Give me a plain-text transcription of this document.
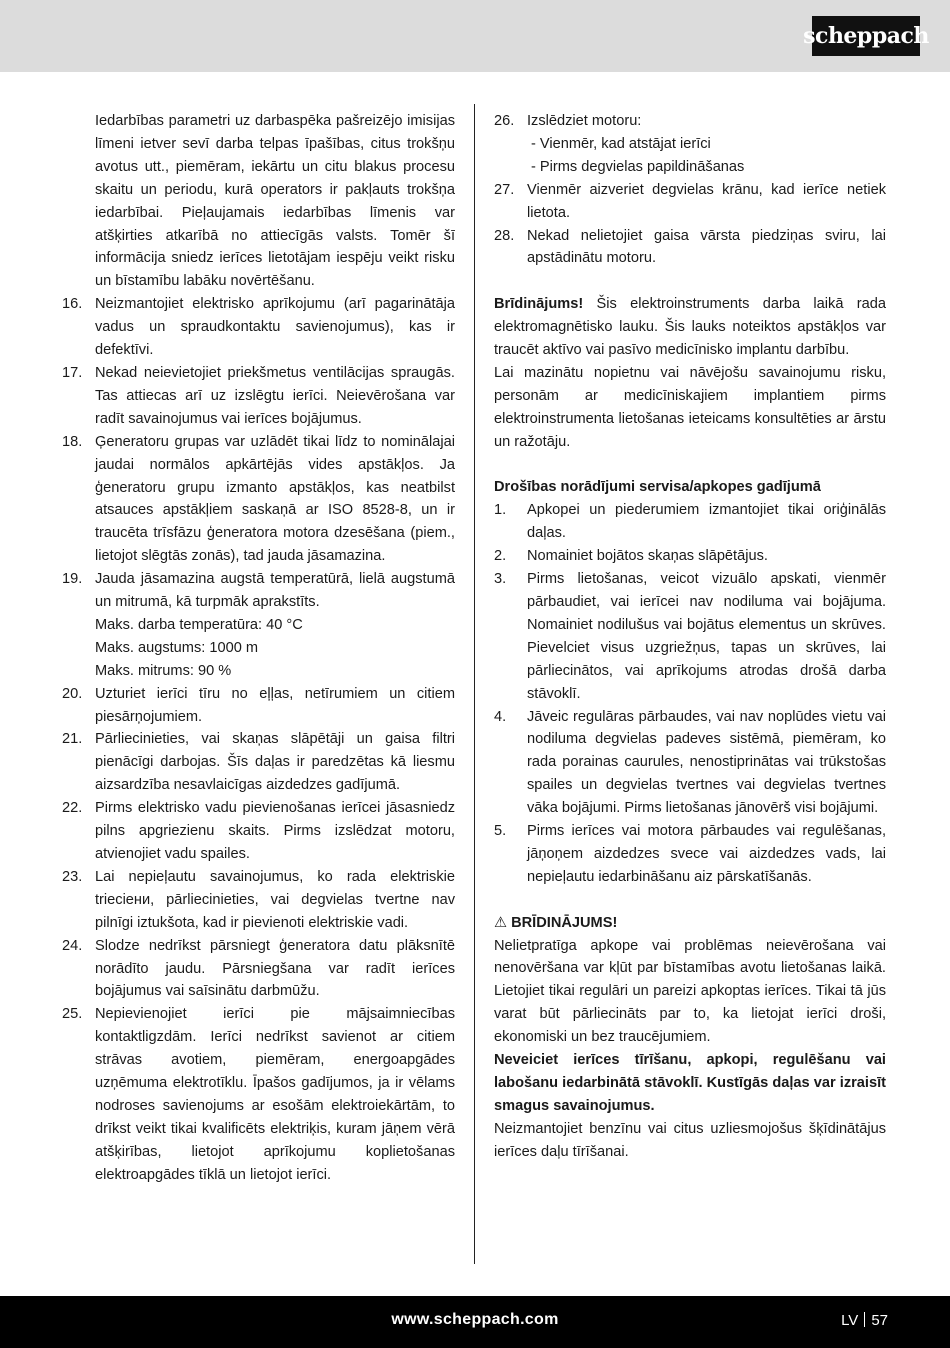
scheppach

Iedarbības parametri uz darbaspēka pašreizējo imisijas līmeni ietver sevī darba telpas īpašības, citus trokšņu avotus utt., piemēram, iekārtu un citu blakus procesu skaitu un periodu, kurā operators ir pakļauts trokšņa iedarbībai. Pieļaujamais iedarbības līmenis var atšķirties atkarībā no attiecīgās valsts. Tomēr šī informācija sniedz ierīces lietotājam iespēju veikt risku un bīstamību labāku novērtēšanu.

16. Neizmantojiet elektrisko aprīkojumu (arī pagarinātāja vadus un spraudkontaktu savienojumus), kas ir defektīvi.
17. Nekad neievietojiet priekšmetus ventilācijas spraugās. Tas attiecas arī uz izslēgtu ierīci. Neievērošana var radīt savainojumus vai ierīces bojājumus.
18. Ģeneratoru grupas var uzlādēt tikai līdz to nominālajai jaudai normālos apkārtējās vides apstākļos. Ja ģeneratoru grupu izmanto apstākļos, kas neatbilst atsauces apstākļiem saskaņā ar ISO 8528-8, un ir traucēta trīsfāzu ģeneratora motora dzesēšana (piem., lietojot slēgtās zonās), tad jauda jāsamazina.
19. Jauda jāsamazina augstā temperatūrā, lielā augstumā un mitrumā, kā turpmāk aprakstīts.
Maks. darba temperatūra: 40 °C
Maks. augstums: 1000 m
Maks. mitrums: 90 %
20. Uzturiet ierīci tīru no eļļas, netīrumiem un citiem piesārņojumiem.
21. Pārliecinieties, vai skaņas slāpētāji un gaisa filtri pienācīgi darbojas. Šīs daļas ir paredzētas kā liesmu aizsardzība nesavlaicīgas aizdedzes gadījumā.
22. Pirms elektrisko vadu pievienošanas ierīcei jāsasniedz pilns apgriezienu skaits. Pirms izslēdzat motoru, atvienojiet vadu spailes.
23. Lai nepieļautu savainojumus, ko rada elektriskie trieciени, pārliecinieties, vai degvielas tvertne nav pilnīgi iztukšota, kad ir pievienoti elektriskie vadi.
24. Slodze nedrīkst pārsniegt ģeneratora datu plāksnītē norādīto jaudu. Pārsniegšana var radīt ierīces bojājumus vai saīsinātu darbmūžu.
25. Nepievienojiet ierīci pie mājsaimniecības kontaktligzdām. Ierīci nedrīkst savienot ar citiem strāvas avotiem, piemēram, energoapgādes uzņēmuma elektrotīklu. Īpašos gadījumos, ja ir vēlams nodroses savienojums ar esošām elektroiekārtām, to drīkst veikt tikai kvalificēts elektriķis, kuram jāņem vērā atšķirības, lietojot aprīkojumu koplietošanas elektroapgādes tīklā un lietojot ierīci.
26. Izslēdziet motoru:
- Vienmēr, kad atstājat ierīci
- Pirms degvielas papildināšanas
27. Vienmēr aizveriet degvielas krānu, kad ierīce netiek lietota.
28. Nekad nelietojiet gaisa vārsta piedziņas sviru, lai apstādinātu motoru.

Brīdinājums! Šis elektroinstruments darba laikā rada elektromagnētisko lauku. Šis lauks noteiktos apstākļos var traucēt aktīvo vai pasīvo medicīnisko implantu darbību.

Lai mazinātu nopietnu vai nāvējošu savainojumu risku, personām ar medicīniskajiem implantiem pirms elektroinstrumenta lietošanas ieteicams konsultēties ar ārstu un ražotāju.

Drošības norādījumi servisa/apkopes gadījumā

1.	Apkopei un piederumiem izmantojiet tikai oriģinālās daļas.
2.	Nomainiet bojātos skaņas slāpētājus.
3.	Pirms lietošanas, veicot vizuālo apskati, vienmēr pārbaudiet, vai ierīcei nav nodiluma vai bojājuma. Nomainiet nodilušus vai bojātus elementus un skrūves. Pievelciet visus uzgriežņus, tapas un skrūves, lai pārliecinātos, vai aprīkojums atrodas drošā darba stāvoklī.
4.	Jāveic regulāras pārbaudes, vai nav noplūdes vietu vai nodiluma degvielas padeves sistēmā, piemēram, ko rada porainas caurules, nenostiprinātas vai trūkstošas spailes un degvielas tvertnes vai degvielas tvertnes vāka bojājumi. Pirms lietošanas jānovērš visi bojājumi.
5.	Pirms ierīces vai motora pārbaudes vai regulēšanas, jāņoņem aizdedzes svece vai aizdedzes vads, lai nepieļautu iedarbināšanu aiz pārskatīšanās.
⚠ BRĪDINĀJUMS!

Nelietpratīga apkope vai problēmas neievērošana vai nenovēršana var kļūt par bīstamības avotu lietošanas laikā. Lietojiet tikai regulāri un pareizi apkoptas ierīces. Tikai tā jūs varat būt pārliecināts par to, ka lietojat ierīci droši, ekonomiski un bez traucējumiem.

Neveiciet ierīces tīrīšanu, apkopi, regulēšanu vai labošanu iedarbinātā stāvoklī. Kustīgās daļas var izraisīt smagus savainojumus.

Neizmantojiet benzīnu vai citus uzliesmojošus šķīdinātājus ierīces daļu tīrīšanai.

www.scheppach.com	LV 57
